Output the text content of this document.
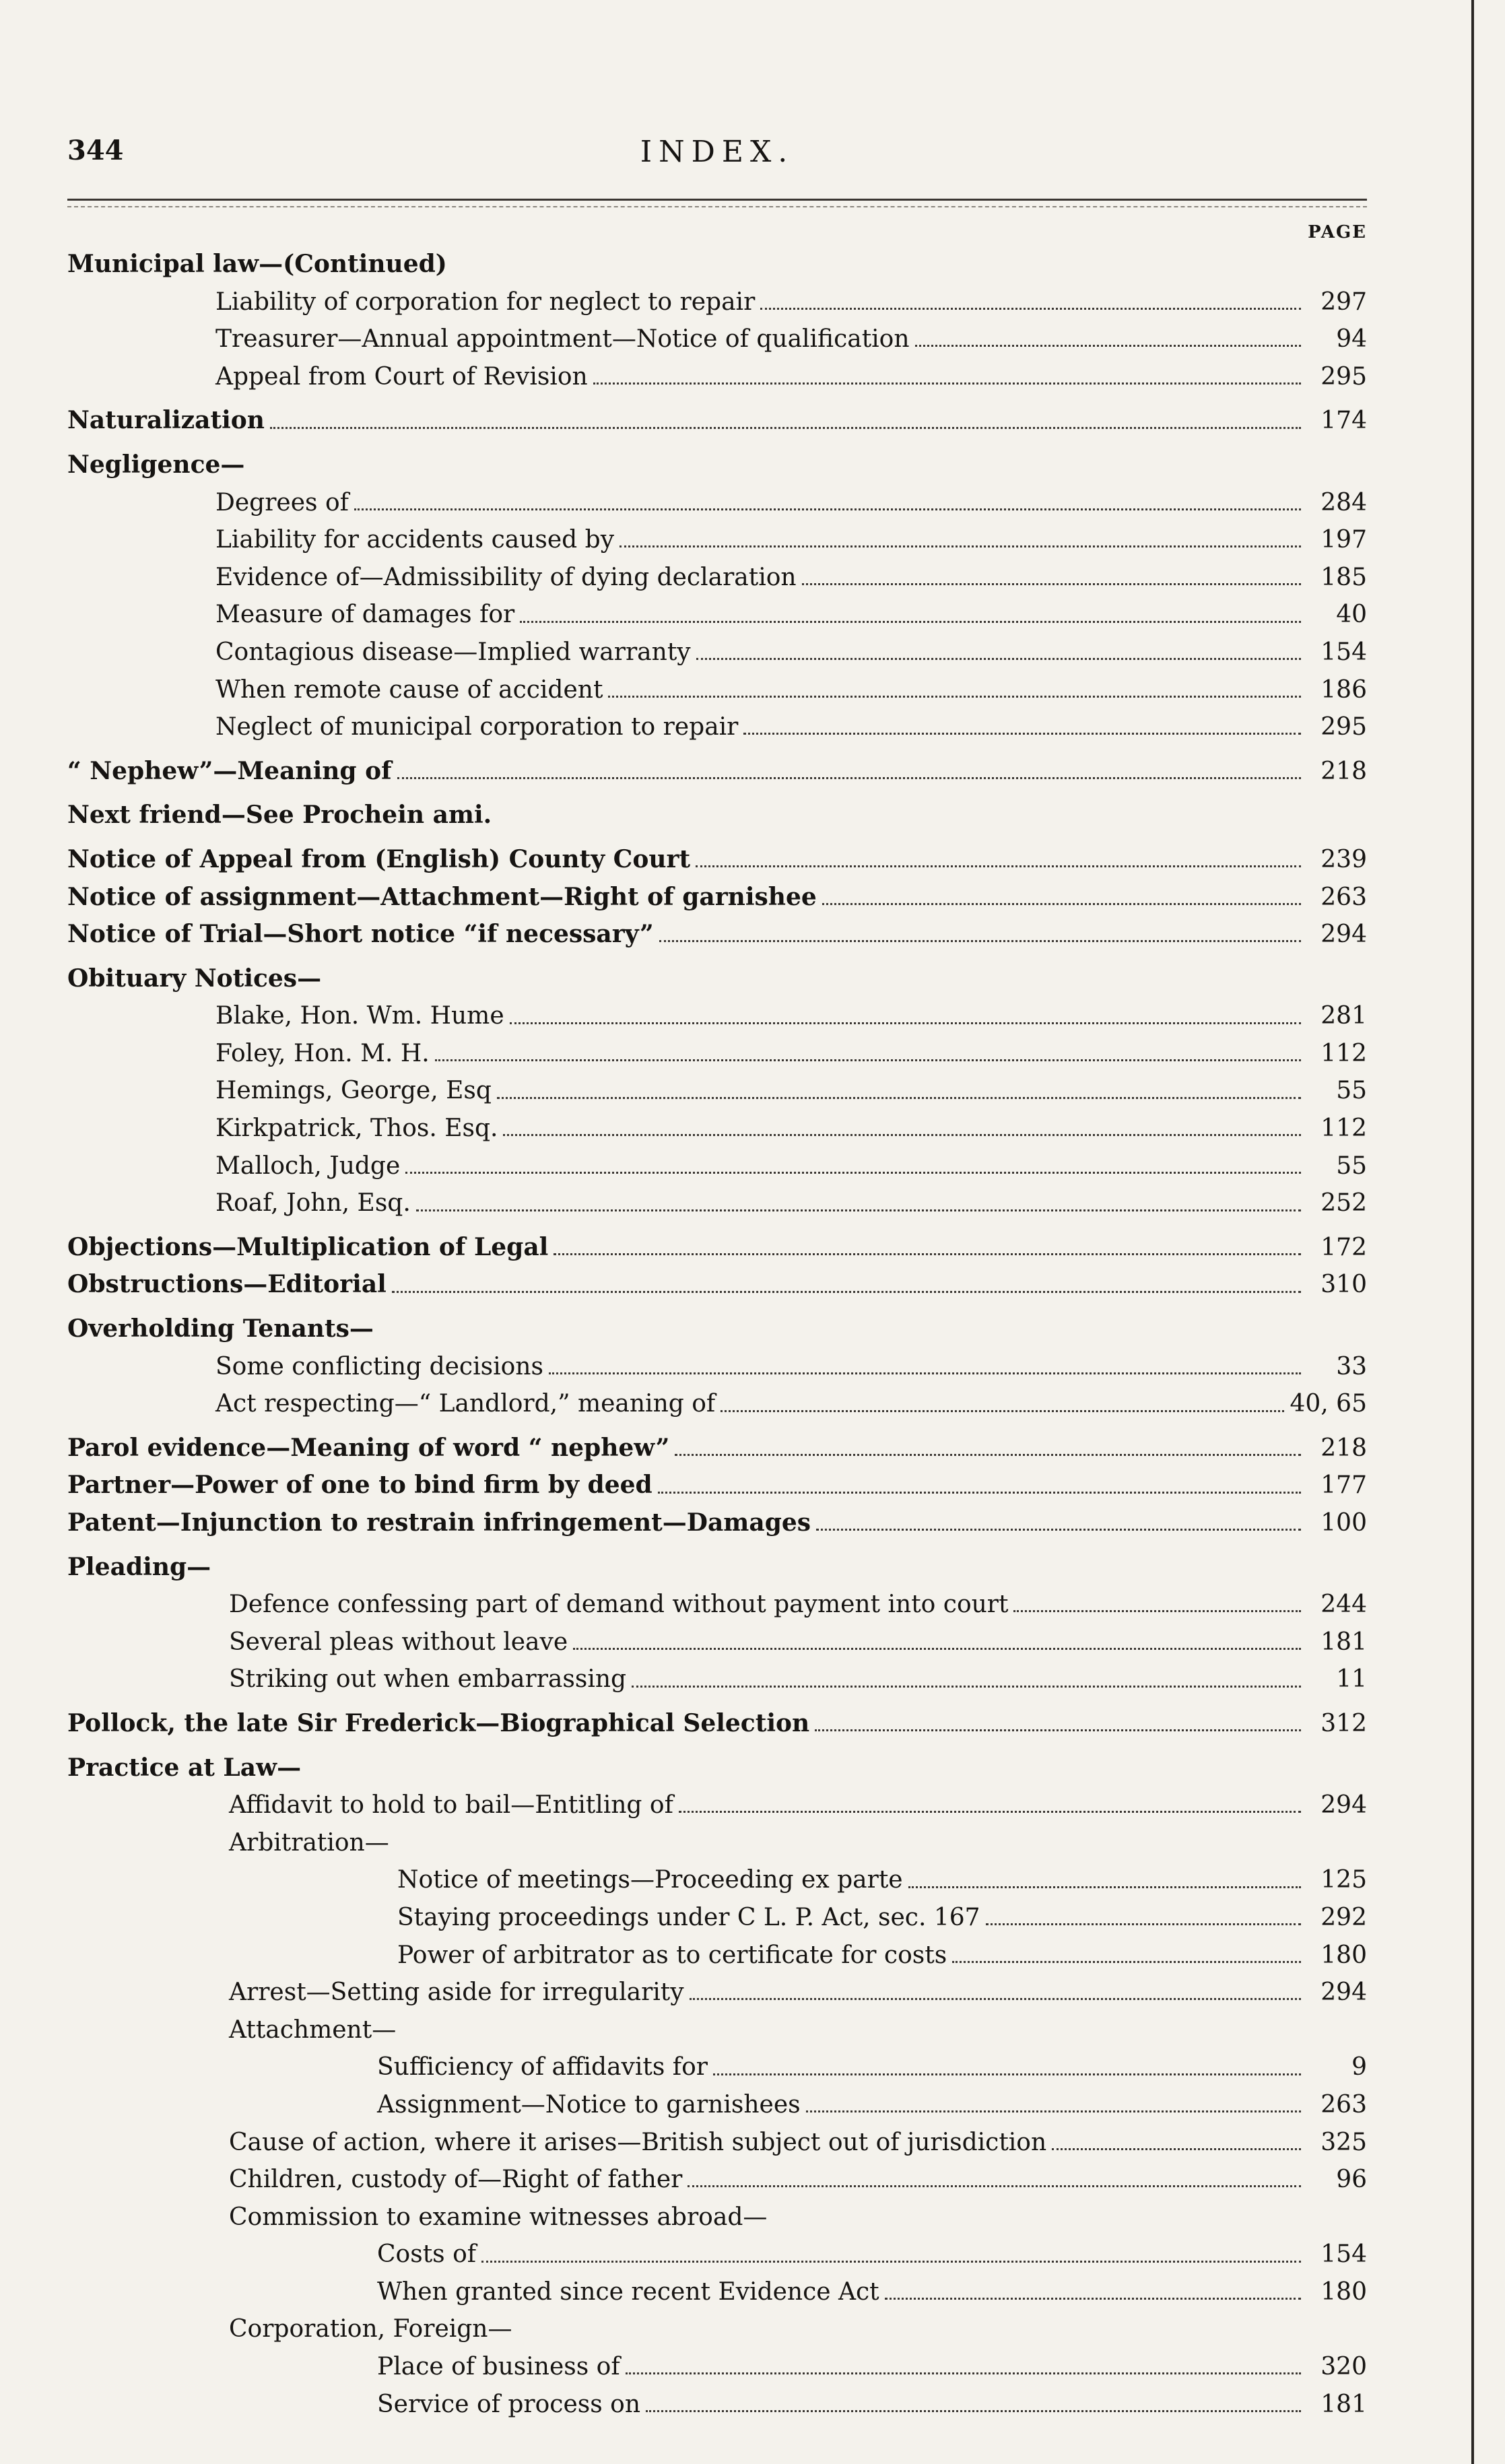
344	INDEX.
PAGE
Municipal law—(Continued)
Liability of corporation for neglect to repair	297
Treasurer—Annual appointment—Notice of qualification	94
Appeal from Court of Revision	295
Naturalization	174
Negligence—
Degrees of	284
Liability for accidents caused by	197
Evidence of—Admissibility of dying declaration	185
Measure of damages for	40
Contagious disease—Implied warranty	154
When remote cause of accident	186
Neglect of municipal corporation to repair	295
“ Nephew”—Meaning of	218
Next friend—See Prochein ami.
Notice of Appeal from (English) County Court	239
Notice of assignment—Attachment—Right of garnishee	263
Notice of Trial—Short notice “if necessary”	294
Obituary Notices—
Blake, Hon. Wm. Hume	281
Foley, Hon. M. H.	112
Hemings, George, Esq	55
Kirkpatrick, Thos. Esq.	112
Malloch, Judge	55
Roaf, John, Esq.	252
Objections—Multiplication of Legal	172
Obstructions—Editorial	310
Overholding Tenants—
Some conflicting decisions	33
Act respecting—“ Landlord,” meaning of	40, 65
Parol evidence—Meaning of word “ nephew”	218
Partner—Power of one to bind firm by deed	177
Patent—Injunction to restrain infringement—Damages	100
Pleading—
Defence confessing part of demand without payment into court	244
Several pleas without leave	181
Striking out when embarrassing	11
Pollock, the late Sir Frederick—Biographical Selection	312
Practice at Law—
Affidavit to hold to bail—Entitling of	294
Arbitration—
Notice of meetings—Proceeding ex parte	125
Staying proceedings under C L. P. Act, sec. 167	292
Power of arbitrator as to certificate for costs	180
Arrest—Setting aside for irregularity	294
Attachment—
Sufficiency of affidavits for	9
Assignment—Notice to garnishees	263
Cause of action, where it arises—British subject out of jurisdiction	325
Children, custody of—Right of father	96
Commission to examine witnesses abroad—
Costs of	154
When granted since recent Evidence Act	180
Corporation, Foreign—
Place of business of	320
Service of process on	181
